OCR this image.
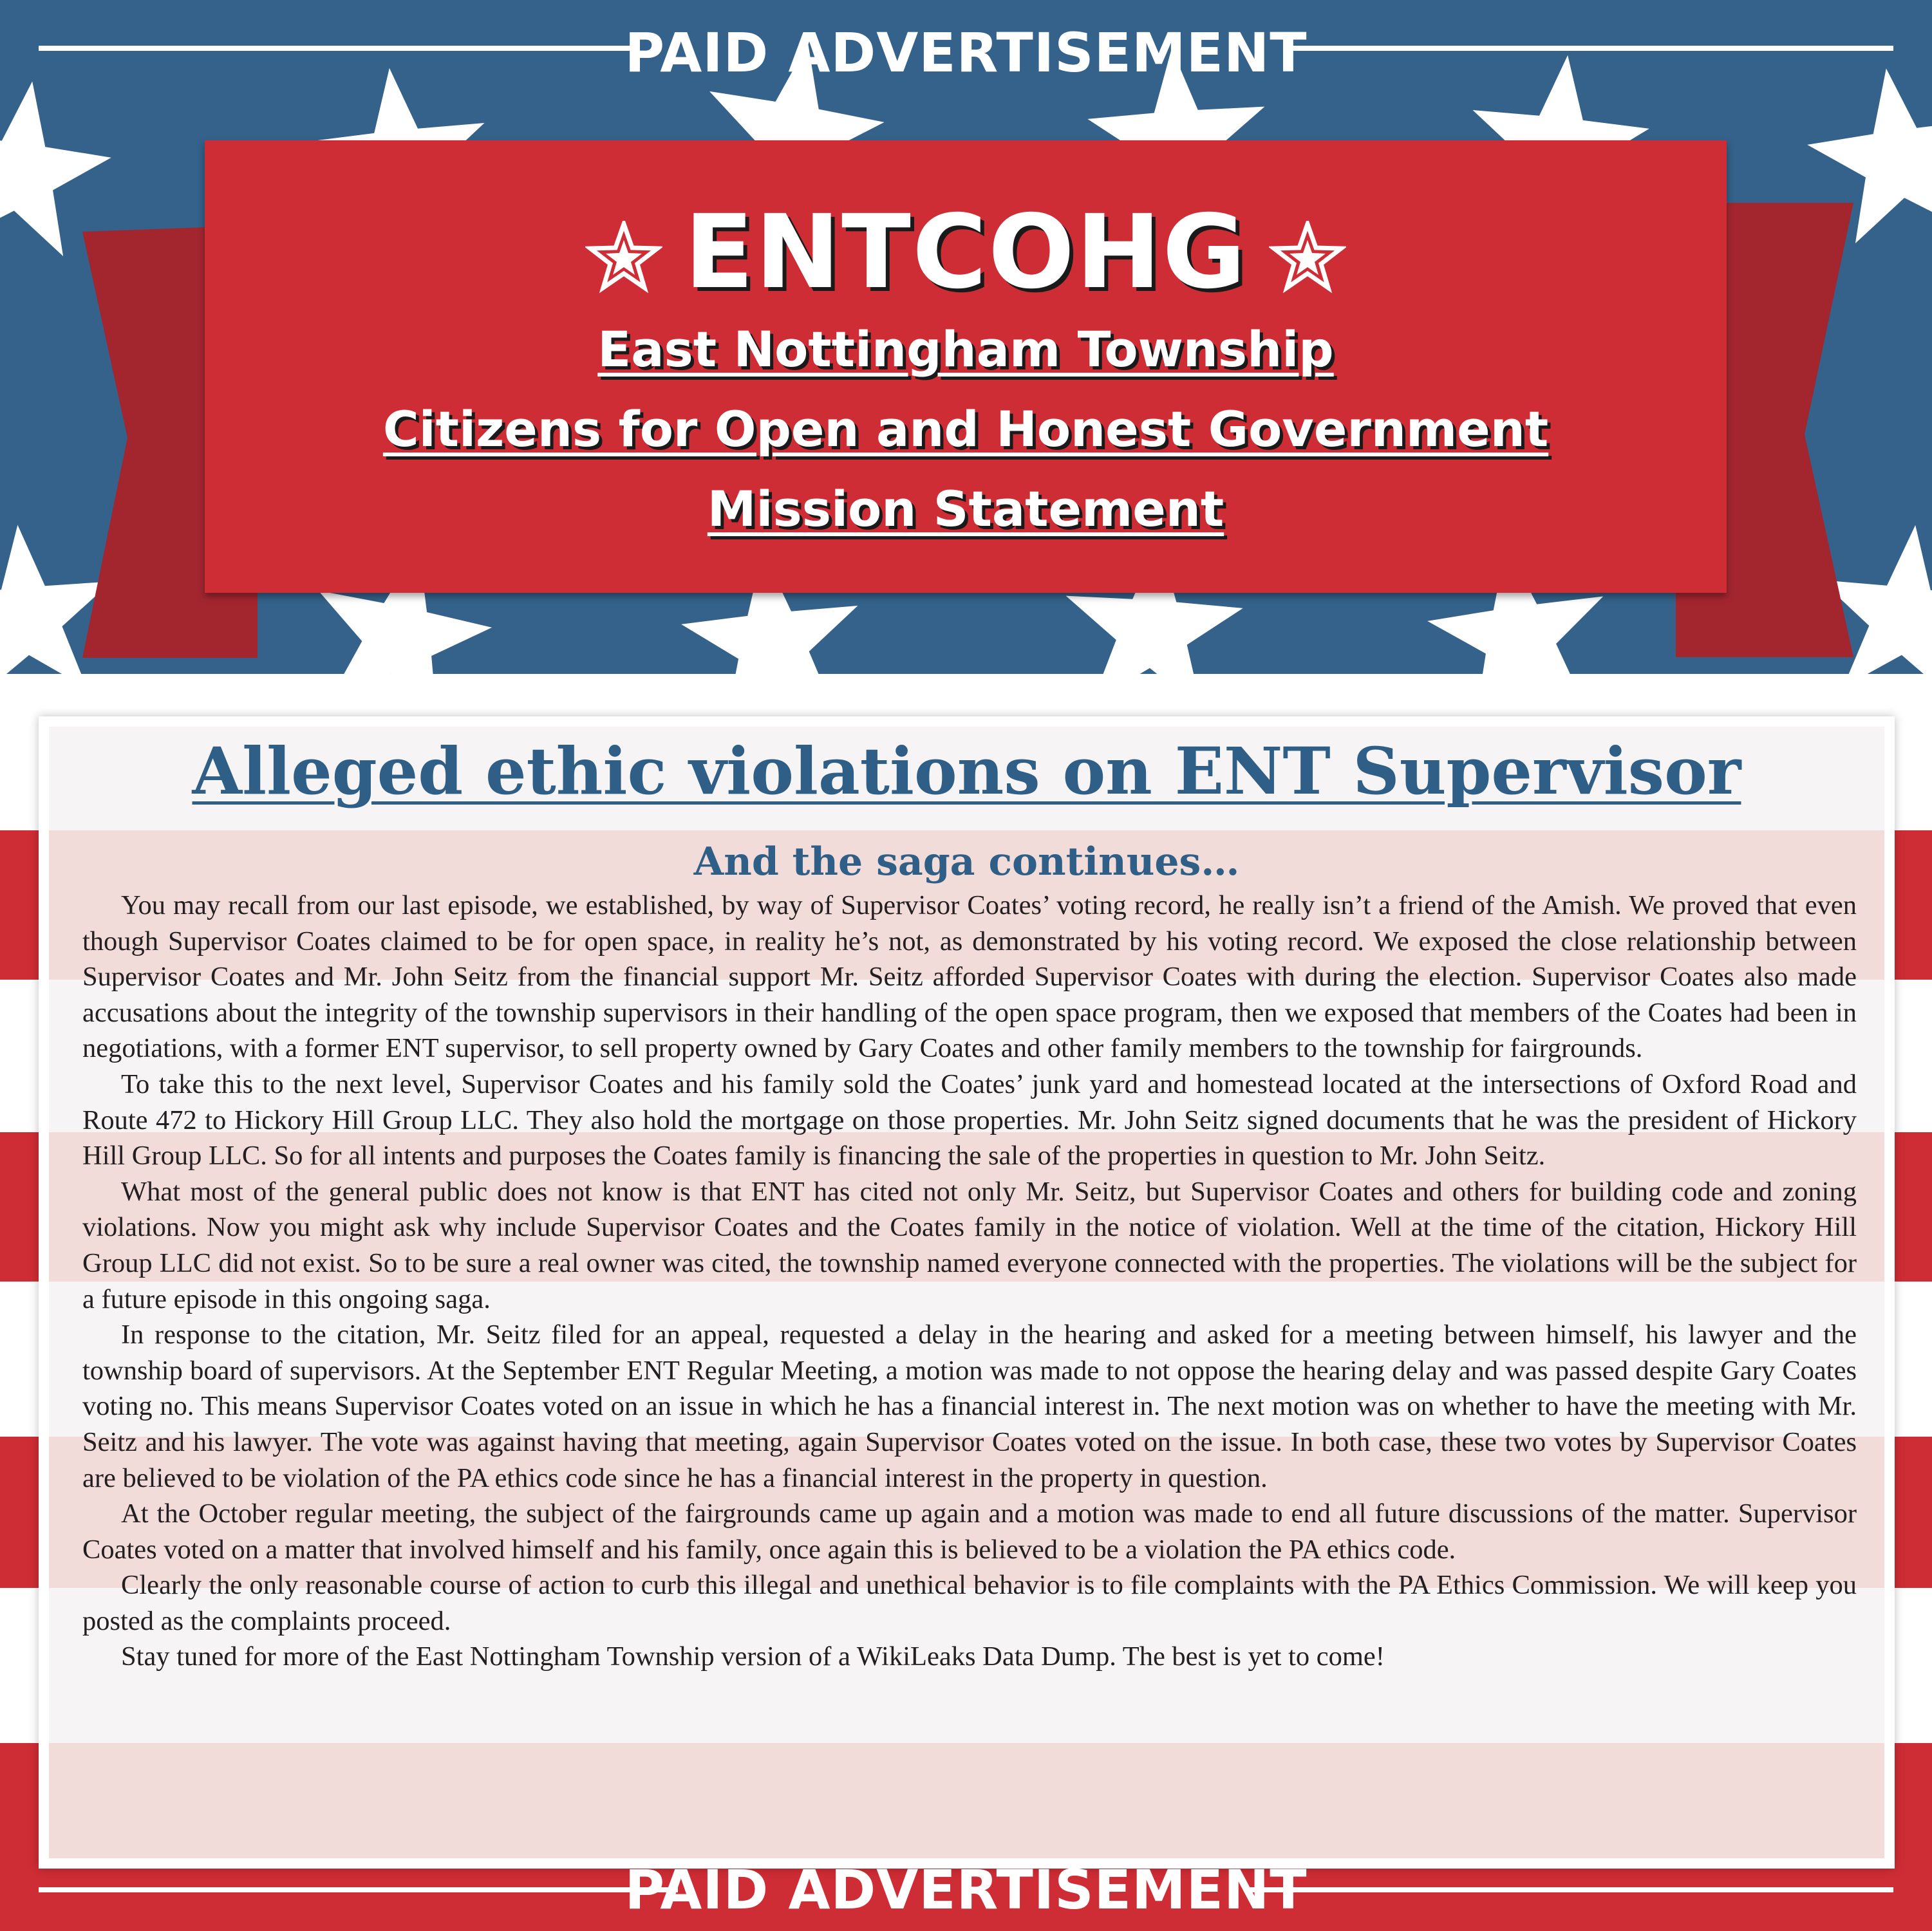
PAID ADVERTISEMENT
ENTCOHG
East Nottingham Township
Citizens for Open and Honest Government
Mission Statement
Alleged ethic violations on ENT Supervisor
And the saga continues…

You may recall from our last episode, we established, by way of Supervisor Coates’ voting record, he really isn’t a friend of the Amish. We proved that even though Supervisor Coates claimed to be for open space, in reality he’s not, as demonstrated by his voting record. We exposed the close relationship between Supervisor Coates and Mr. John Seitz from the financial support Mr. Seitz afforded Supervisor Coates with during the election. Supervisor Coates also made accusations about the integrity of the township supervisors in their handling of the open space program, then we exposed that members of the Coates had been in negotiations, with a former ENT supervisor, to sell property owned by Gary Coates and other family members to the township for fairgrounds.

To take this to the next level, Supervisor Coates and his family sold the Coates’ junk yard and homestead located at the intersections of Oxford Road and Route 472 to Hickory Hill Group LLC. They also hold the mortgage on those properties. Mr. John Seitz signed documents that he was the president of Hickory Hill Group LLC. So for all intents and purposes the Coates family is financing the sale of the properties in question to Mr. John Seitz.

What most of the general public does not know is that ENT has cited not only Mr. Seitz, but Supervisor Coates and others for building code and zoning violations. Now you might ask why include Supervisor Coates and the Coates family in the notice of violation. Well at the time of the citation, Hickory Hill Group LLC did not exist. So to be sure a real owner was cited, the township named everyone connected with the properties. The violations will be the subject for a future episode in this ongoing saga.

In response to the citation, Mr. Seitz filed for an appeal, requested a delay in the hearing and asked for a meeting between himself, his lawyer and the township board of supervisors. At the September ENT Regular Meeting, a motion was made to not oppose the hearing delay and was passed despite Gary Coates voting no. This means Supervisor Coates voted on an issue in which he has a financial interest in. The next motion was on whether to have the meeting with Mr. Seitz and his lawyer. The vote was against having that meeting, again Supervisor Coates voted on the issue. In both case, these two votes by Supervisor Coates are believed to be violation of the PA ethics code since he has a financial interest in the property in question.

At the October regular meeting, the subject of the fairgrounds came up again and a motion was made to end all future discussions of the matter. Supervisor Coates voted on a matter that involved himself and his family, once again this is believed to be a violation the PA ethics code.

Clearly the only reasonable course of action to curb this illegal and unethical behavior is to file complaints with the PA Ethics Commission. We will keep you posted as the complaints proceed.

Stay tuned for more of the East Nottingham Township version of a WikiLeaks Data Dump. The best is yet to come!

PAID ADVERTISEMENT
